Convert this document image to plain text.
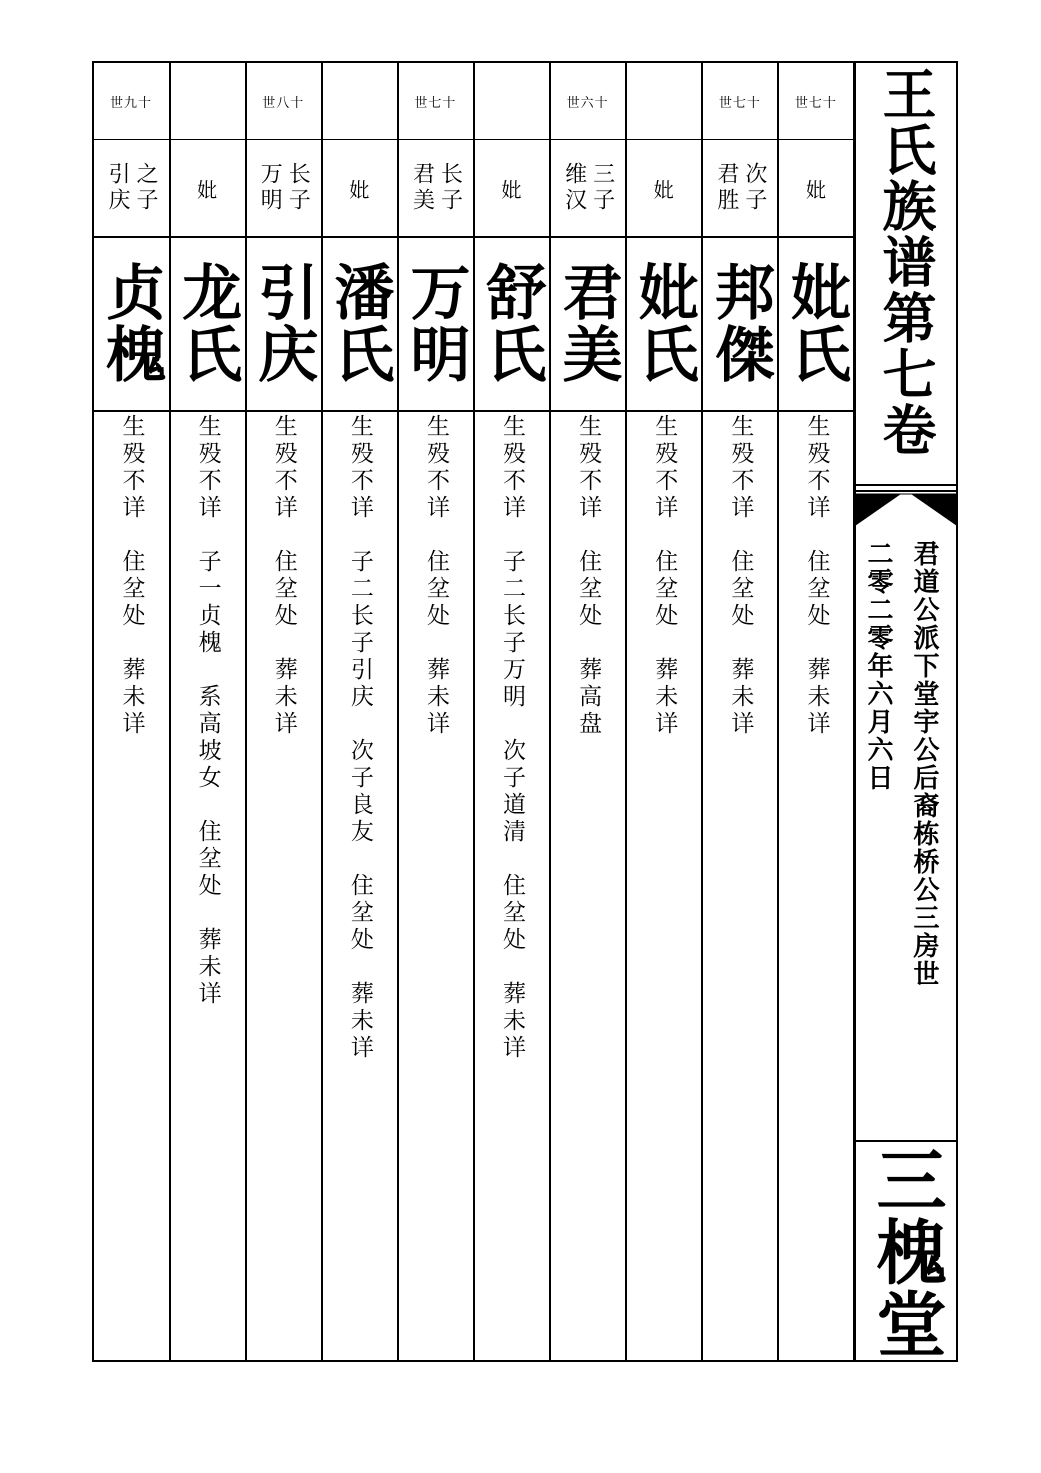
王氏族谱第七卷
君道公派下堂宇公后裔栋桥公三房世
二零二零年六月六日
三槐堂
世七十
妣
妣氏
生殁不详　住坌处　葬未详
世七十
次子
君胜
邦傑
生殁不详　住坌处　葬未详
妣
妣氏
生殁不详　住坌处　葬未详
世六十
三子
维汉
君美
生殁不详　住坌处　葬高盘
妣
舒氏
生殁不详　子二长子万明　次子道清　住坌处　葬未详
世七十
长子
君美
万明
生殁不详　住坌处　葬未详
妣
潘氏
生殁不详　子二长子引庆　次子良友　住坌处　葬未详
世八十
长子
万明
引庆
生殁不详　住坌处　葬未详
妣
龙氏
生殁不详　子一贞槐　系高坡女　住坌处　葬未详
世九十
之子
引庆
贞槐
生殁不详　住坌处　葬未详
